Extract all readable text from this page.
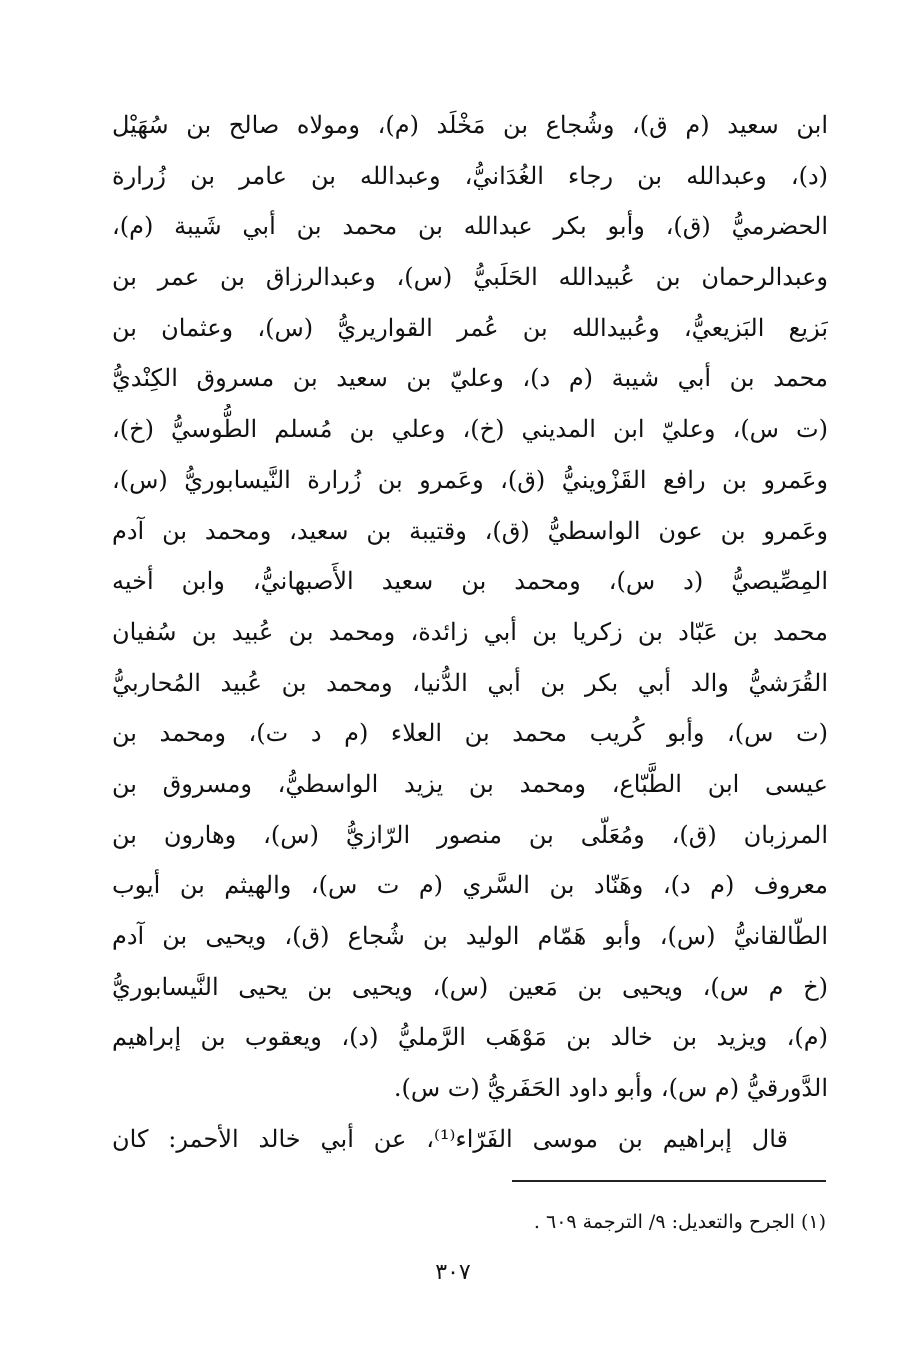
ابن سعيد (م ق)، وشُجاع بن مَخْلَد (م)، ومولاه صالح بن سُهَيْل
(د)، وعبدالله بن رجاء الغُدَانيُّ، وعبدالله بن عامر بن زُرارة
الحضرميُّ (ق)، وأبو بكر عبدالله بن محمد بن أبي شَيبة (م)،
وعبدالرحمان بن عُبيدالله الحَلَبيُّ (س)، وعبدالرزاق بن عمر بن
بَزيع البَزيعيُّ، وعُبيدالله بن عُمر القواريريُّ (س)، وعثمان بن
محمد بن أبي شيبة (م د)، وعليّ بن سعيد بن مسروق الكِنْديُّ
(ت س)، وعليّ ابن المديني (خ)، وعلي بن مُسلم الطُّوسيُّ (خ)،
وعَمرو بن رافع القَزْوينيُّ (ق)، وعَمرو بن زُرارة النَّيسابوريُّ (س)،
وعَمرو بن عون الواسطيُّ (ق)، وقتيبة بن سعيد، ومحمد بن آدم
المِصِّيصيُّ (د س)، ومحمد بن سعيد الأَصبهانيُّ، وابن أخيه
محمد بن عَبّاد بن زكريا بن أبي زائدة، ومحمد بن عُبيد بن سُفيان
القُرَشيُّ والد أبي بكر بن أبي الدُّنيا، ومحمد بن عُبيد المُحاربيُّ
(ت س)، وأبو كُريب محمد بن العلاء (م د ت)، ومحمد بن
عيسى ابن الطَّبّاع، ومحمد بن يزيد الواسطيُّ، ومسروق بن
المرزبان (ق)، ومُعَلّى بن منصور الرّازيُّ (س)، وهارون بن
معروف (م د)، وهَنّاد بن السَّري (م ت س)، والهيثم بن أيوب
الطّالقانيُّ (س)، وأبو هَمّام الوليد بن شُجاع (ق)، ويحيى بن آدم
(خ م س)، ويحيى بن مَعين (س)، ويحيى بن يحيى النَّيسابوريُّ
(م)، ويزيد بن خالد بن مَوْهَب الرَّمليُّ (د)، ويعقوب بن إبراهيم
الدَّورقيُّ (م س)، وأبو داود الحَفَريُّ (ت س).
قال إبراهيم بن موسى الفَرّاء⁽¹⁾، عن أبي خالد الأحمر: كان
(١) الجرح والتعديل: ٩/ الترجمة ٦٠٩ .
٣٠٧
